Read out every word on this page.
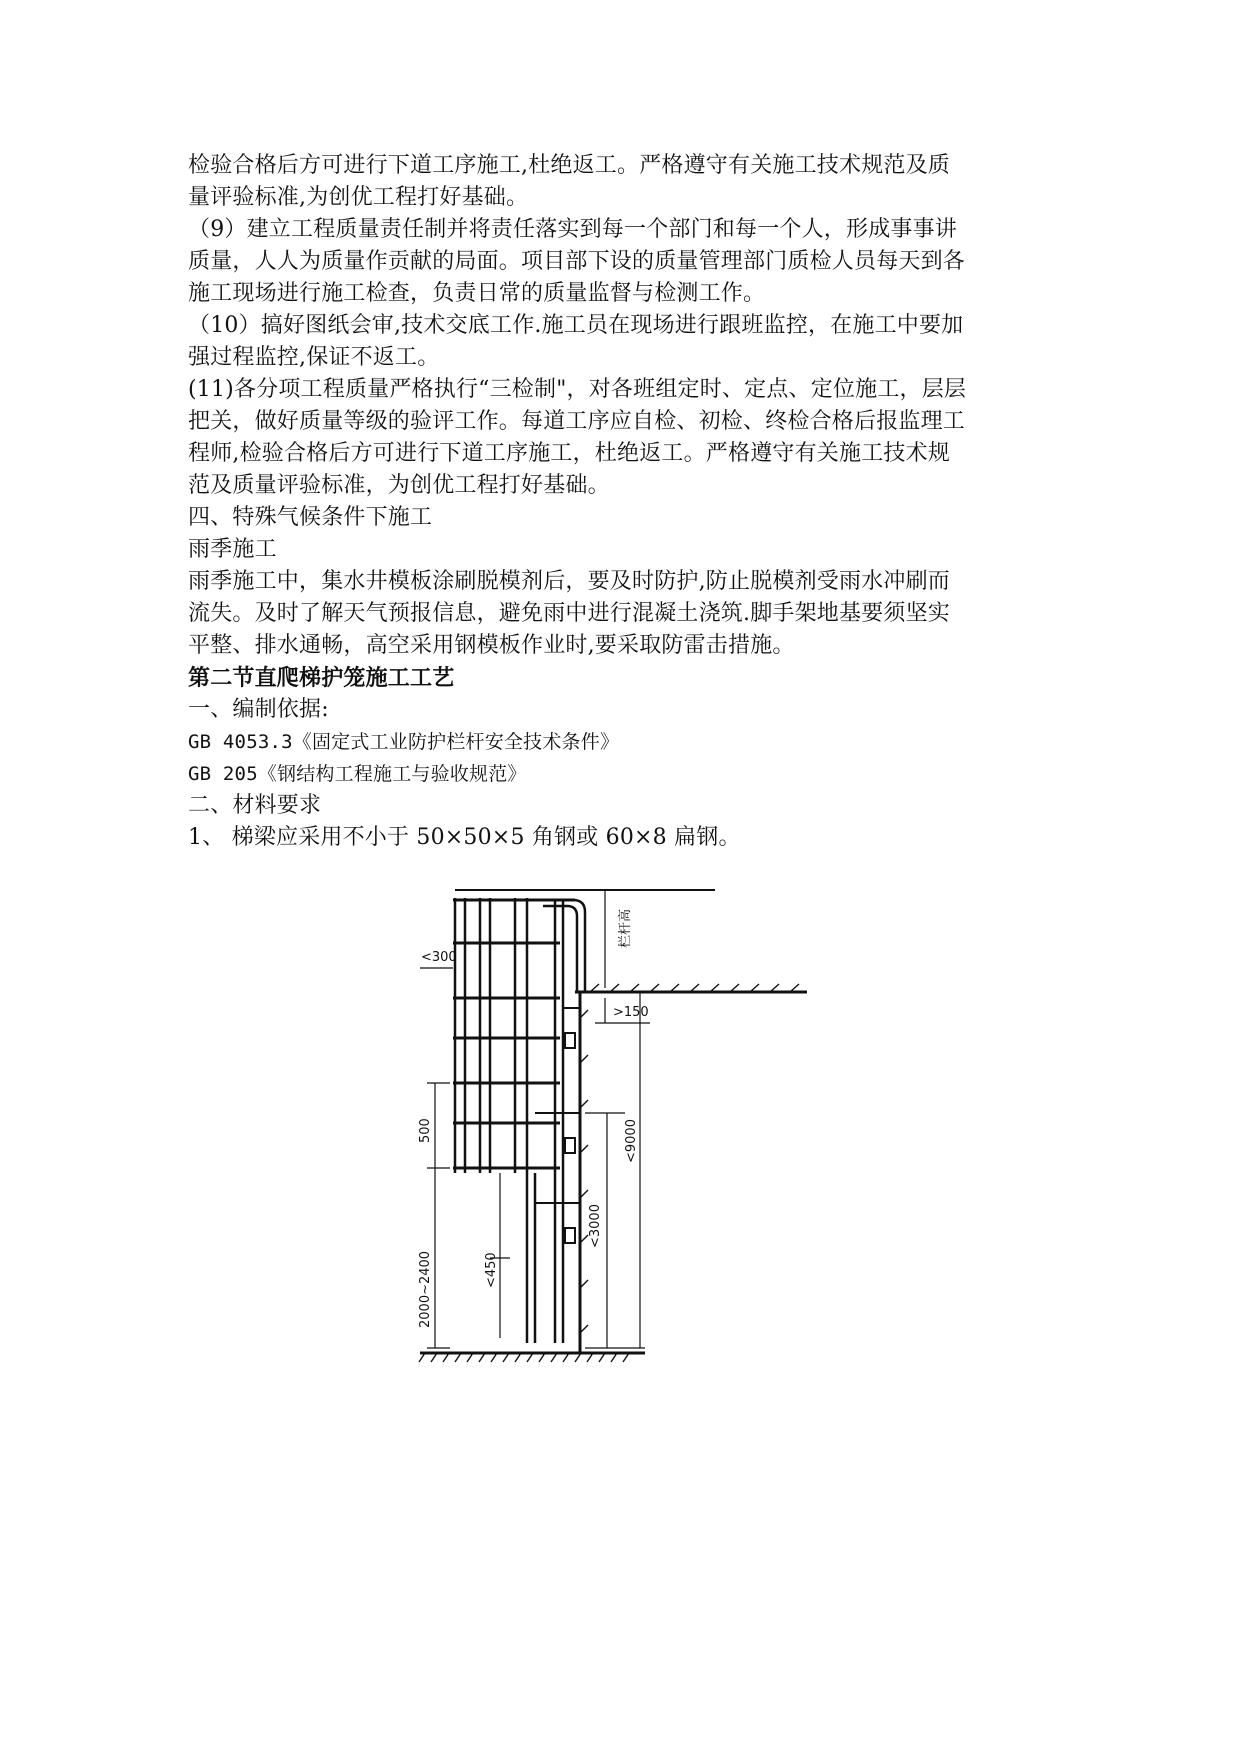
检验合格后方可进行下道工序施工,杜绝返工。严格遵守有关施工技术规范及质
量评验标准,为创优工程打好基础。
（9）建立工程质量责任制并将责任落实到每一个部门和每一个人，形成事事讲
质量，人人为质量作贡献的局面。项目部下设的质量管理部门质检人员每天到各
施工现场进行施工检查，负责日常的质量监督与检测工作。
（10）搞好图纸会审,技术交底工作.施工员在现场进行跟班监控，在施工中要加
强过程监控,保证不返工。
(11)各分项工程质量严格执行“三检制"，对各班组定时、定点、定位施工，层层
把关，做好质量等级的验评工作。每道工序应自检、初检、终检合格后报监理工
程师,检验合格后方可进行下道工序施工，杜绝返工。严格遵守有关施工技术规
范及质量评验标准，为创优工程打好基础。
四、特殊气候条件下施工
雨季施工
雨季施工中，集水井模板涂刷脱模剂后，要及时防护,防止脱模剂受雨水冲刷而
流失。及时了解天气预报信息，避免雨中进行混凝土浇筑.脚手架地基要须坚实
平整、排水通畅，高空采用钢模板作业时,要采取防雷击措施。
第二节直爬梯护笼施工工艺
一、编制依据:
GB 4053.3《固定式工业防护栏杆安全技术条件》
GB 205《钢结构工程施工与验收规范》
二、材料要求
1、 梯梁应采用不小于 50×50×5 角钢或 60×8 扁钢。
<300
栏杆高
>150
500
2000~2400	<450
<3000
<9000
